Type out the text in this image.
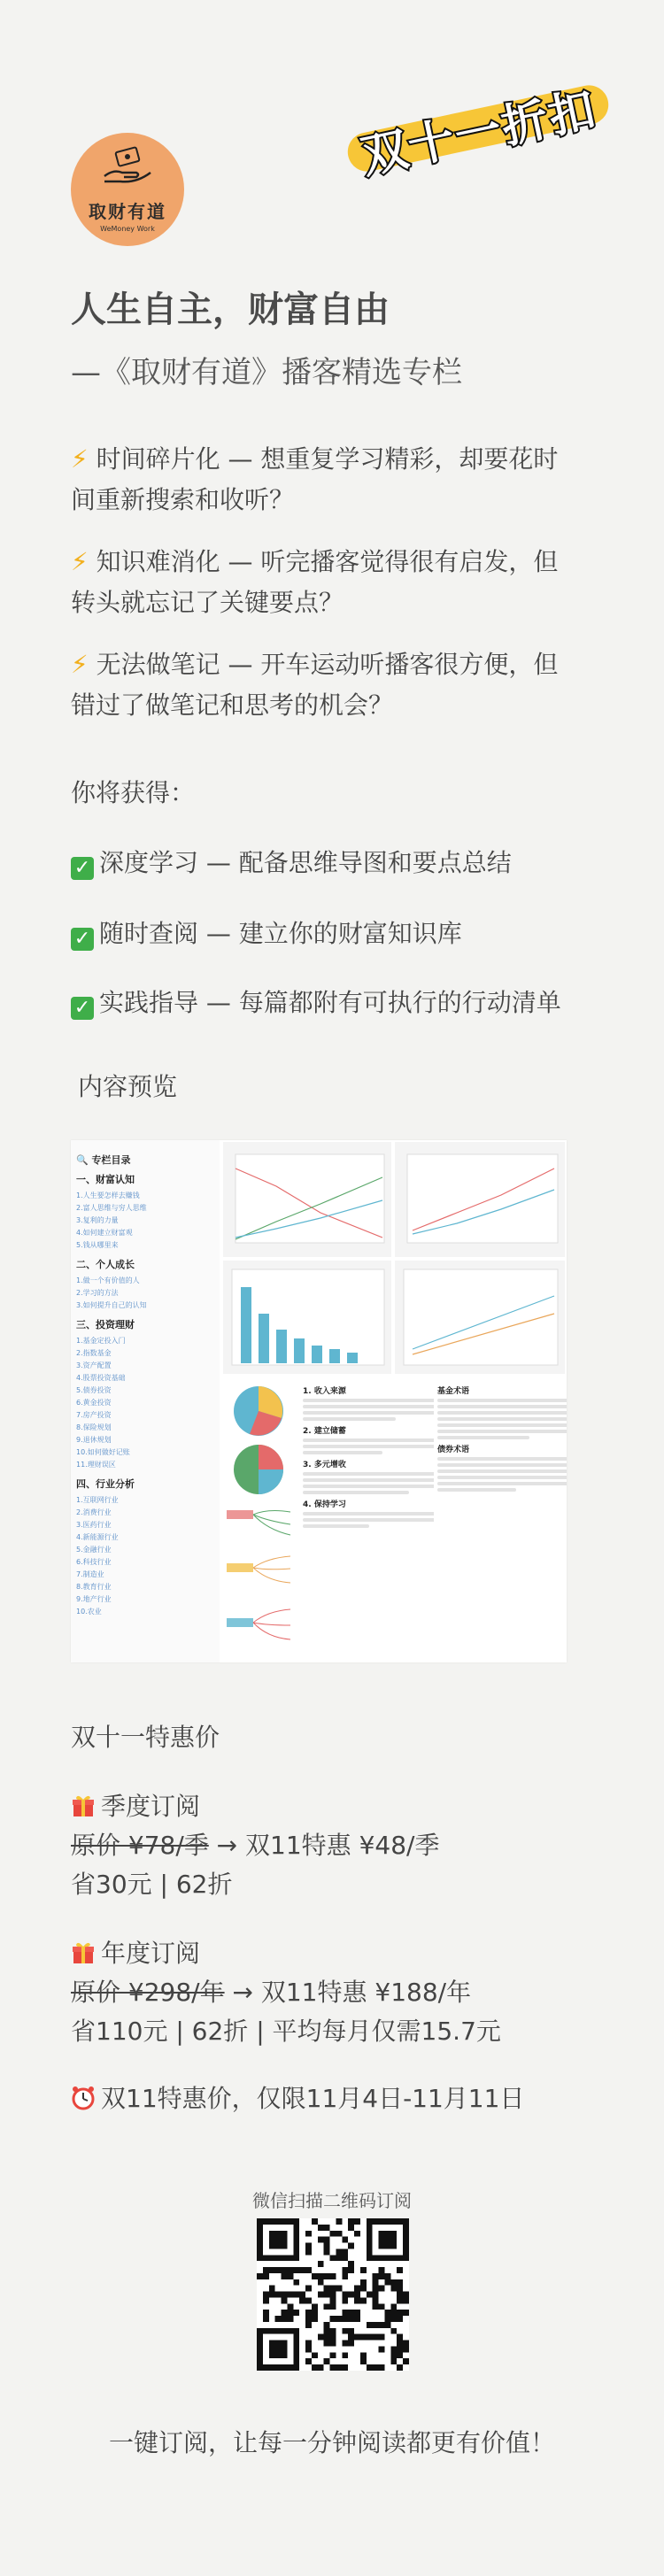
取财有道
WeMoney Work
双十一折扣
人生自主，财富自由
—《取财有道》播客精选专栏
⚡ 时间碎片化 — 想重复学习精彩，却要花时间重新搜索和收听？
⚡ 知识难消化 — 听完播客觉得很有启发，但转头就忘记了关键要点？
⚡ 无法做笔记 — 开车运动听播客很方便，但错过了做笔记和思考的机会？
你将获得：
✓ 深度学习 — 配备思维导图和要点总结
✓ 随时查阅 — 建立你的财富知识库
✓ 实践指导 — 每篇都附有可执行的行动清单
内容预览
🔍 专栏目录
一、财富认知
1.人生要怎样去赚钱
2.富人思维与穷人思维
3.复利的力量
4.如何建立财富观
5.钱从哪里来
二、个人成长
1.做一个有价值的人
2.学习的方法
3.如何提升自己的认知
三、投资理财
1.基金定投入门
2.指数基金
3.资产配置
4.股票投资基础
5.债券投资
6.黄金投资
7.房产投资
8.保险规划
9.退休规划
10.如何做好记账
11.理财误区
四、行业分析
1.互联网行业
2.消费行业
3.医药行业
4.新能源行业
5.金融行业
6.科技行业
7.制造业
8.教育行业
9.地产行业
10.农业
1. 收入来源
2. 建立储蓄
3. 多元增收
4. 保持学习
基金术语
债券术语
双十一特惠价
季度订阅
原价 ¥78/季 → 双11特惠 ¥48/季
省30元 | 62折
年度订阅
原价 ¥298/年 → 双11特惠 ¥188/年
省110元 | 62折 | 平均每月仅需15.7元
双11特惠价，仅限11月4日-11月11日
微信扫描二维码订阅
一键订阅，让每一分钟阅读都更有价值！
